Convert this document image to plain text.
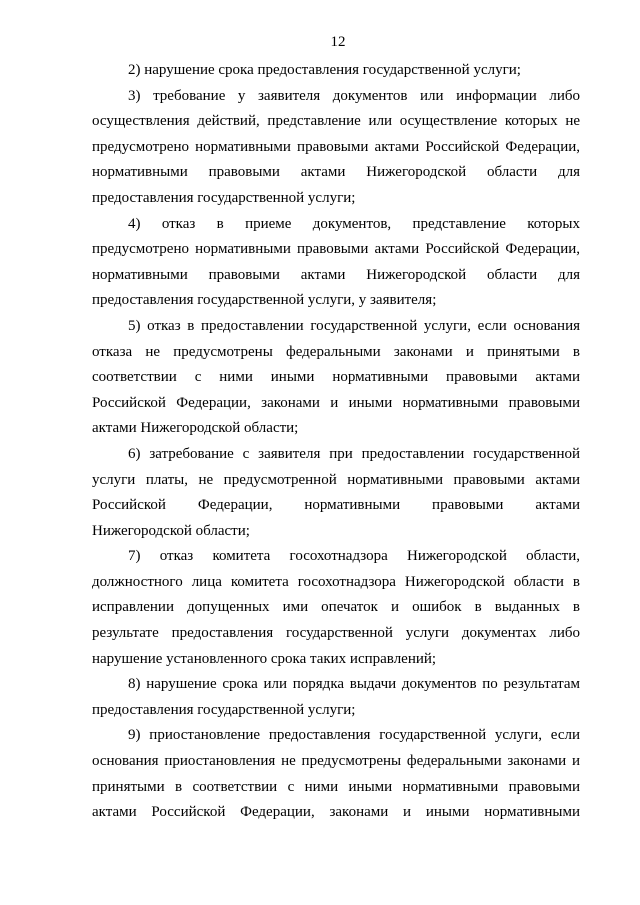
12
2) нарушение срока предоставления государственной услуги;
3) требование у заявителя документов или информации либо
осуществления действий, представление или осуществление которых не
предусмотрено нормативными правовыми актами Российской Федерации,
нормативными правовыми актами Нижегородской области для
предоставления государственной услуги;
4) отказ в приеме документов, представление которых
предусмотрено нормативными правовыми актами Российской Федерации,
нормативными правовыми актами Нижегородской области для
предоставления государственной услуги, у заявителя;
5) отказ в предоставлении государственной услуги, если основания
отказа не предусмотрены федеральными законами и принятыми в
соответствии с ними иными нормативными правовыми актами
Российской Федерации, законами и иными нормативными правовыми
актами Нижегородской области;
6) затребование с заявителя при предоставлении государственной
услуги платы, не предусмотренной нормативными правовыми актами
Российской Федерации, нормативными правовыми актами
Нижегородской области;
7) отказ комитета госохотнадзора Нижегородской области,
должностного лица комитета госохотнадзора Нижегородской области в
исправлении допущенных ими опечаток и ошибок в выданных в
результате предоставления государственной услуги документах либо
нарушение установленного срока таких исправлений;
8) нарушение срока или порядка выдачи документов по результатам
предоставления государственной услуги;
9) приостановление предоставления государственной услуги, если
основания приостановления не предусмотрены федеральными законами и
принятыми в соответствии с ними иными нормативными правовыми
актами Российской Федерации, законами и иными нормативными
